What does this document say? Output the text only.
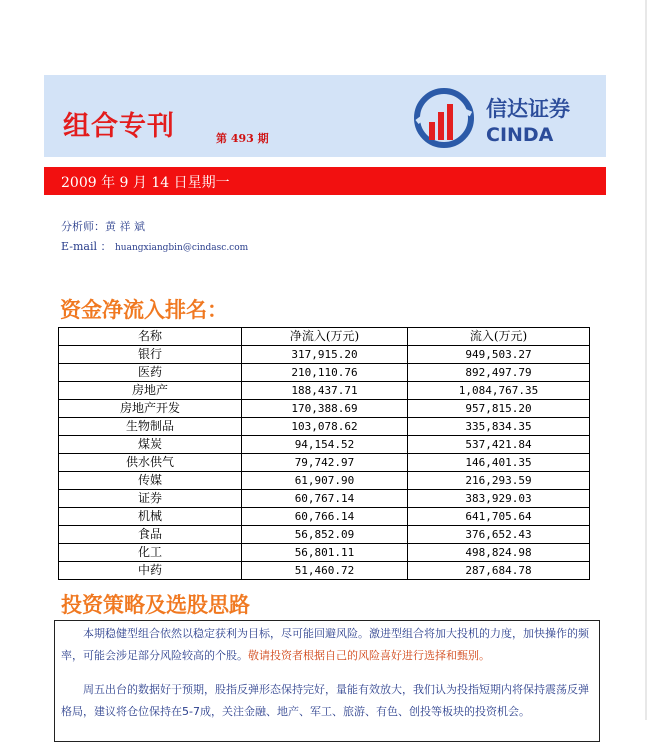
组合专刊	第 493 期
信达证券
CINDA
2009 年 9 月 14 日星期一
分析师：黄 祥 斌
E-mail ： huangxiangbin@cindasc.com
资金净流入排名：
名称	净流入(万元)	流入(万元)
银行	317,915.20	949,503.27
医药	210,110.76	892,497.79
房地产	188,437.71	1,084,767.35
房地产开发	170,388.69	957,815.20
生物制品	103,078.62	335,834.35
煤炭	94,154.52	537,421.84
供水供气	79,742.97	146,401.35
传媒	61,907.90	216,293.59
证券	60,767.14	383,929.03
机械	60,766.14	641,705.64
食品	56,852.09	376,652.43
化工	56,801.11	498,824.98
中药	51,460.72	287,684.78
投资策略及选股思路

本期稳健型组合依然以稳定获利为目标，尽可能回避风险。激进型组合将加大投机的力度，加快操作的频率，可能会涉足部分风险较高的个股。敬请投资者根据自己的风险喜好进行选择和甄别。

周五出台的数据好于预期，股指反弹形态保持完好，量能有效放大，我们认为投指短期内将保持震荡反弹格局，建议将仓位保持在5-7成，关注金融、地产、军工、旅游、有色、创投等板块的投资机会。
